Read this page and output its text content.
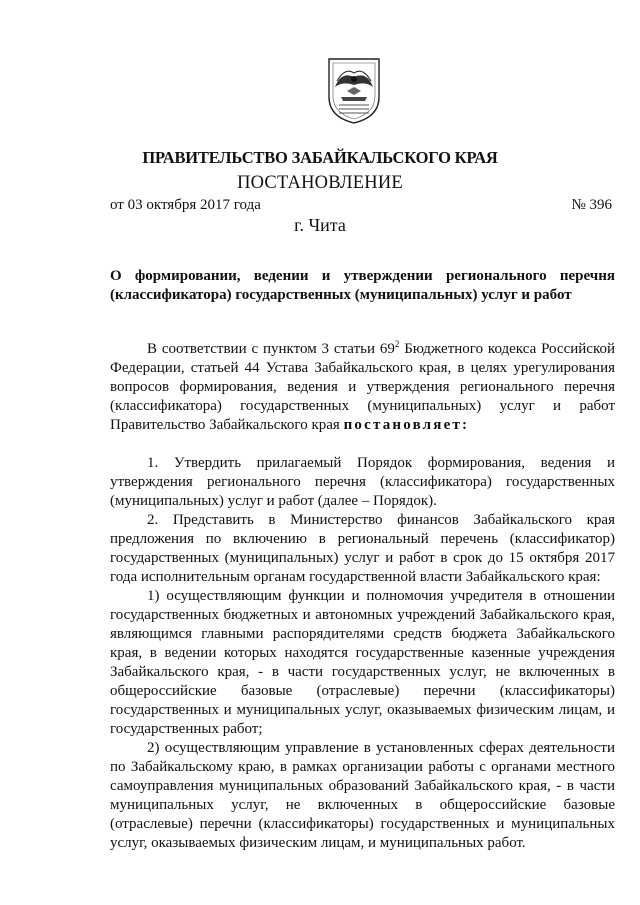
ПРАВИТЕЛЬСТВО ЗАБАЙКАЛЬСКОГО КРАЯ
ПОСТАНОВЛЕНИЕ
от 03 октября 2017 года	№ 396
г. Чита
О формировании, ведении и утверждении регионального перечня (классификатора) государственных (муниципальных) услуг и работ

В соответствии с пунктом 3 статьи $69^2$ Бюджетного кодекса Российской Федерации, статьей 44 Устава Забайкальского края, в целях урегулирования вопросов формирования, ведения и утверждения регионального перечня (классификатора) государственных (муниципальных) услуг и работ Правительство Забайкальского края постановляет:

1. Утвердить прилагаемый Порядок формирования, ведения и утверждения регионального перечня (классификатора) государственных (муниципальных) услуг и работ (далее – Порядок).

2. Представить в Министерство финансов Забайкальского края предложения по включению в региональный перечень (классификатор) государственных (муниципальных) услуг и работ в срок до 15 октября 2017 года исполнительным органам государственной власти Забайкальского края:

1) осуществляющим функции и полномочия учредителя в отношении государственных бюджетных и автономных учреждений Забайкальского края, являющимся главными распорядителями средств бюджета Забайкальского края, в ведении которых находятся государственные казенные учреждения Забайкальского края, - в части государственных услуг, не включенных в общероссийские базовые (отраслевые) перечни (классификаторы) государственных и муниципальных услуг, оказываемых физическим лицам, и государственных работ;

2) осуществляющим управление в установленных сферах деятельности по Забайкальскому краю, в рамках организации работы с органами местного самоуправления муниципальных образований Забайкальского края, - в части муниципальных услуг, не включенных в общероссийские базовые (отраслевые) перечни (классификаторы) государственных и муниципальных услуг, оказываемых физическим лицам, и муниципальных работ.
